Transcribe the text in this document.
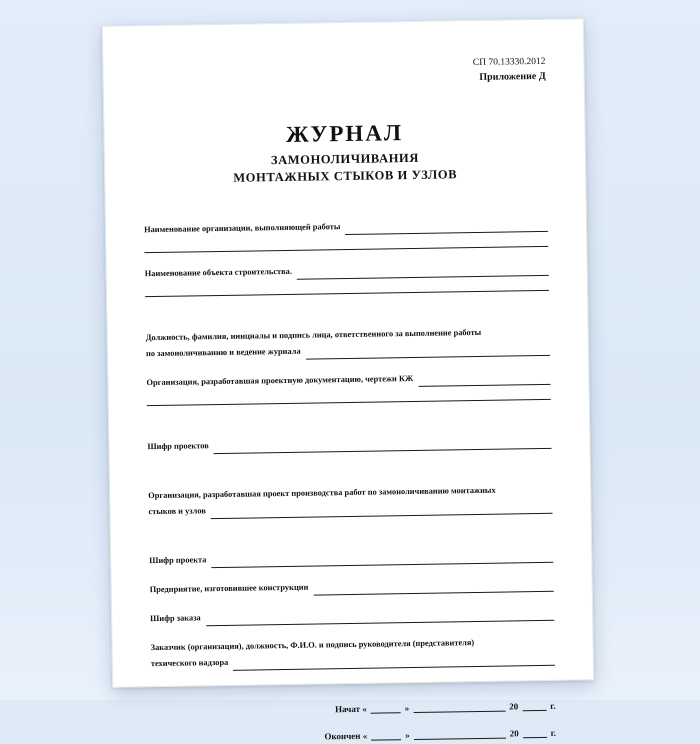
СП 70.13330.2012
Приложение Д
ЖУРНАЛ
ЗАМОНОЛИЧИВАНИЯ
МОНТАЖНЫХ СТЫКОВ И УЗЛОВ
Наименование организации, выполняющей работы
Наименование объекта строительства.
Должность, фамилия, инициалы и подпись лица, ответственного за выполнение работы
по замоноличиванию и ведение журнала
Организация, разработавшая проектную документацию, чертежи КЖ
Шифр проектов
Организация, разработавшая проект производства работ по замоноличиванию монтажных
стыков и узлов
Шифр проекта
Предприятие, изготовившее конструкции
Шифр заказа
Заказчик (организация), должность, Ф.И.О. и подпись руководителя (представителя)
техического надзора
Начат «	»	20	г.
Окончен «	»	20	г.
